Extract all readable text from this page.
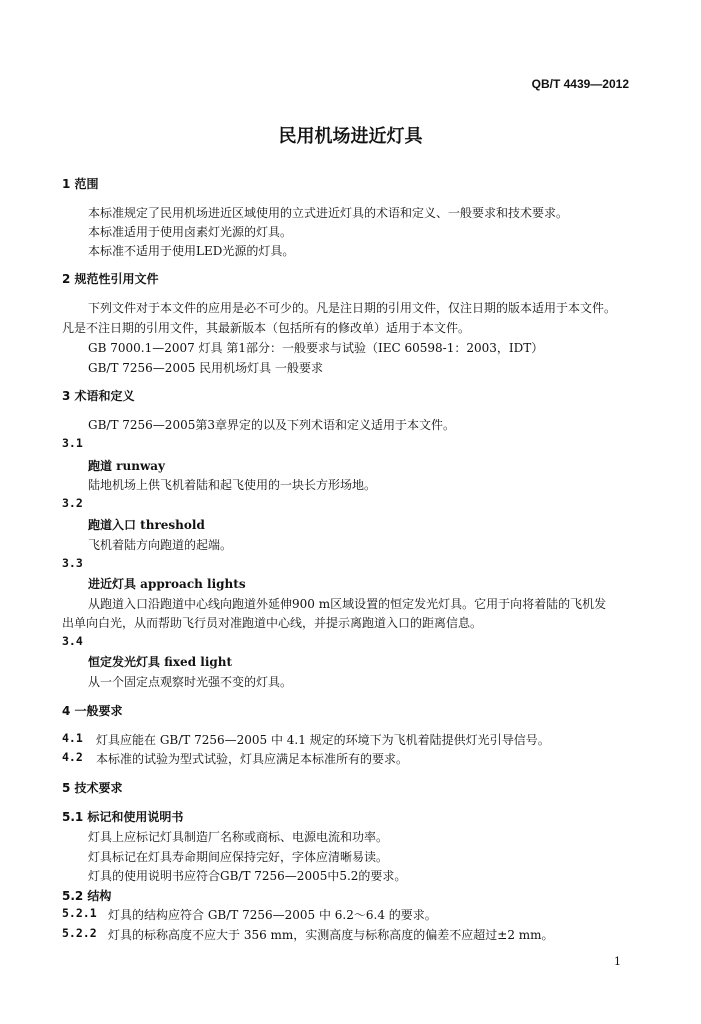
QB/T 4439—2012
民用机场进近灯具
1 范围
本标准规定了民用机场进近区域使用的立式进近灯具的术语和定义、一般要求和技术要求。
本标准适用于使用卤素灯光源的灯具。
本标准不适用于使用LED光源的灯具。
2 规范性引用文件
下列文件对于本文件的应用是必不可少的。凡是注日期的引用文件，仅注日期的版本适用于本文件。
凡是不注日期的引用文件，其最新版本（包括所有的修改单）适用于本文件。
GB 7000.1—2007 灯具 第1部分：一般要求与试验（IEC 60598-1：2003，IDT）
GB/T 7256—2005 民用机场灯具 一般要求
3 术语和定义
GB/T 7256—2005第3章界定的以及下列术语和定义适用于本文件。
3.1
跑道 runway
陆地机场上供飞机着陆和起飞使用的一块长方形场地。
3.2
跑道入口 threshold
飞机着陆方向跑道的起端。
3.3
进近灯具 approach lights
从跑道入口沿跑道中心线向跑道外延伸900 m区域设置的恒定发光灯具。它用于向将着陆的飞机发
出单向白光，从而帮助飞行员对准跑道中心线，并提示离跑道入口的距离信息。
3.4
恒定发光灯具 fixed light
从一个固定点观察时光强不变的灯具。
4 一般要求
4.1 灯具应能在 GB/T 7256—2005 中 4.1 规定的环境下为飞机着陆提供灯光引导信号。
4.2 本标准的试验为型式试验，灯具应满足本标准所有的要求。
5 技术要求
5.1 标记和使用说明书
灯具上应标记灯具制造厂名称或商标、电源电流和功率。
灯具标记在灯具寿命期间应保持完好，字体应清晰易读。
灯具的使用说明书应符合GB/T 7256—2005中5.2的要求。
5.2 结构
5.2.1 灯具的结构应符合 GB/T 7256—2005 中 6.2～6.4 的要求。
5.2.2 灯具的标称高度不应大于 356 mm，实测高度与标称高度的偏差不应超过±2 mm。
1
